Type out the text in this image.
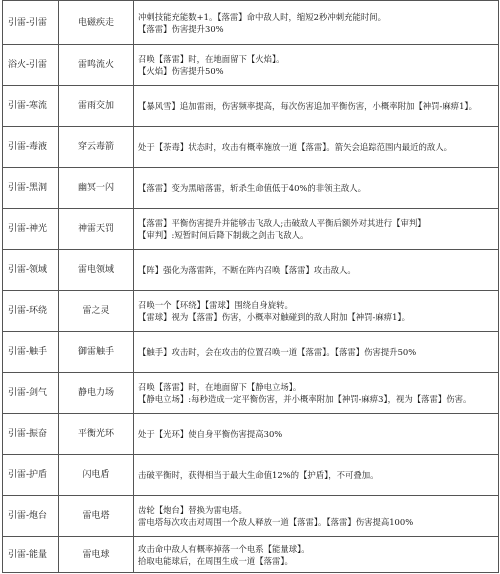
引雷-引雷	电磁疾走	冲刺技能充能数+1。【落雷】命中敌人时，缩短2秒冲刺充能时间。
【落雷】伤害提升30%

浴火-引雷	雷鸣流火	召唤【落雷】时，在地面留下【火焰】。
【火焰】伤害提升50%

引雷-寒流	雷雨交加	【暴风雪】追加雷雨，伤害频率提高，每次伤害追加平衡伤害，小概率附加【神罚-麻痹1】。

引雷-毒液	穿云毒箭	处于【荼毒】状态时，攻击有概率施放一道【落雷】。箭矢会追踪范围内最近的敌人。

引雷-黑洞	幽冥一闪	【落雷】变为黑暗落雷，斩杀生命值低于40%的非领主敌人。

引雷-神光	神雷天罚	【落雷】平衡伤害提升并能够击飞敌人;击破敌人平衡后额外对其进行【审判】
【审判】:短暂时间后降下制裁之剑击飞敌人。

引雷-领域	雷电领域	【阵】强化为落雷阵，不断在阵内召唤【落雷】攻击敌人。

引雷-环绕	雷之灵	召唤一个【环绕】【雷球】围绕自身旋转。
【雷球】视为【落雷】伤害，小概率对触碰到的敌人附加【神罚-麻痹1】。

引雷-触手	御雷触手	【触手】攻击时，会在攻击的位置召唤一道【落雷】。【落雷】伤害提升50%

引雷-剑气	静电力场	召唤【落雷】时，在地面留下【静电立场】。
【静电立场】:每秒造成一定平衡伤害，并小概率附加【神罚-麻痹3】，视为【落雷】伤害。

引雷-振奋	平衡光环	处于【光环】使自身平衡伤害提高30%

引雷-护盾	闪电盾	击破平衡时，获得相当于最大生命值12%的【护盾】，不可叠加。

引雷-炮台	雷电塔	齿轮【炮台】替换为雷电塔。
雷电塔每次攻击对周围一个敌人释放一道【落雷】。【落雷】伤害提高100%

引雷-能量	雷电球	攻击命中敌人有概率掉落一个电系【能量球】。
拾取电能球后，在周围生成一道【落雷】。
